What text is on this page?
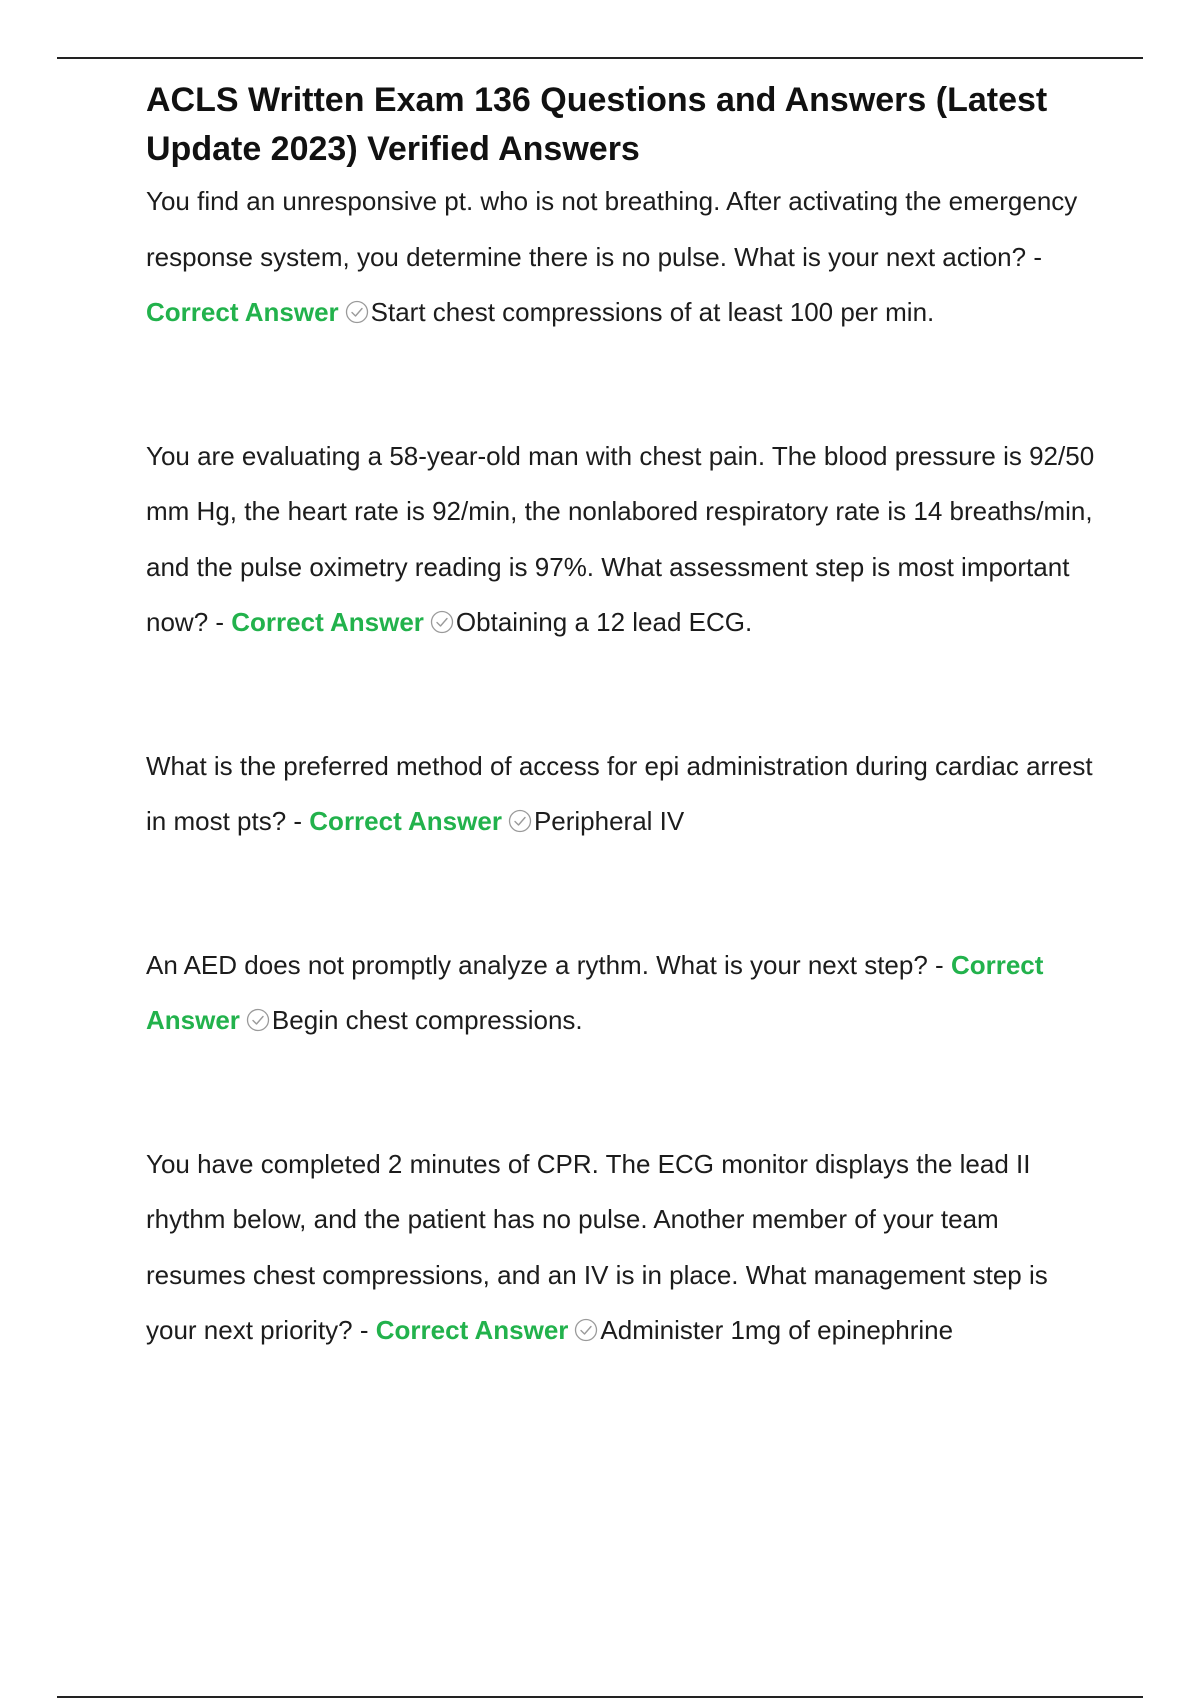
ACLS Written Exam 136 Questions and Answers (Latest Update 2023) Verified Answers

You find an unresponsive pt. who is not breathing. After activating the emergency response system, you determine there is no pulse. What is your next action? - Correct Answer Start chest compressions of at least 100 per min.

You are evaluating a 58-year-old man with chest pain. The blood pressure is 92/50 mm Hg, the heart rate is 92/min, the nonlabored respiratory rate is 14 breaths/min, and the pulse oximetry reading is 97%. What assessment step is most important now? - Correct Answer Obtaining a 12 lead ECG.

What is the preferred method of access for epi administration during cardiac arrest in most pts? - Correct Answer Peripheral IV

An AED does not promptly analyze a rythm. What is your next step? - Correct Answer Begin chest compressions.

You have completed 2 minutes of CPR. The ECG monitor displays the lead II rhythm below, and the patient has no pulse. Another member of your team resumes chest compressions, and an IV is in place. What management step is your next priority? - Correct Answer Administer 1mg of epinephrine
